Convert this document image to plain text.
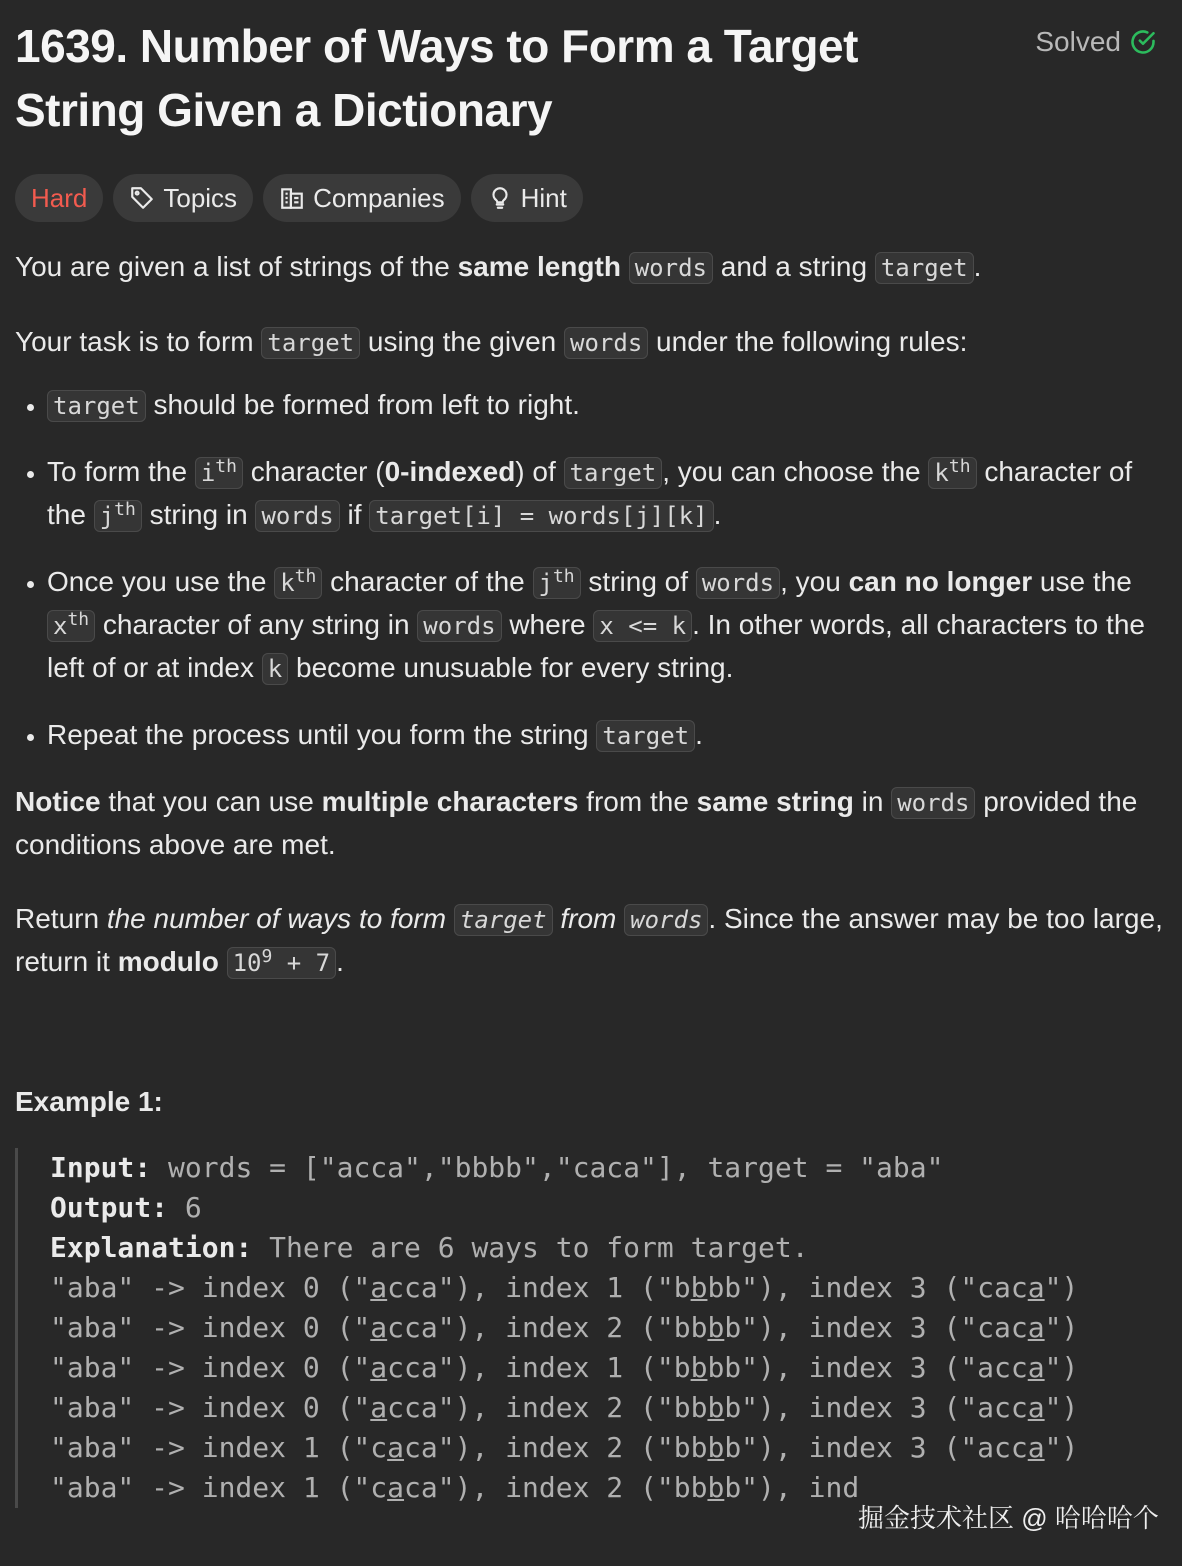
1639. Number of Ways to Form a Target String Given a Dictionary
Solved
Hard	Topics	Companies	Hint

You are given a list of strings of the same length words and a string target .

Your task is to form target using the given words under the following rules:

• target should be formed from left to right.
• To form the $i^{th}$ character (0-indexed) of target , you can choose the $k^{th}$ character of the $j^{th}$ string in words if target[i] = words[j][k] .
• Once you use the $k^{th}$ character of the $j^{th}$ string of words , you can no longer use the $x^{th}$ character of any string in words where x <= k . In other words, all characters to the left of or at index k become unusuable for every string.
• Repeat the process until you form the string target .

Notice that you can use multiple characters from the same string in words provided the conditions above are met.

Return the number of ways to form target from words . Since the answer may be too large, return it modulo $10^9 + 7$ .

Example 1:
Input: words = ["acca","bbbb","caca"], target = "aba"
Output: 6
Explanation: There are 6 ways to form target.
"aba" -> index 0 ("acca"), index 1 ("bbbb"), index 3 ("caca")
"aba" -> index 0 ("acca"), index 2 ("bbbb"), index 3 ("caca")
"aba" -> index 0 ("acca"), index 1 ("bbbb"), index 3 ("acca")
"aba" -> index 0 ("acca"), index 2 ("bbbb"), index 3 ("acca")
"aba" -> index 1 ("caca"), index 2 ("bbbb"), index 3 ("acca")
"aba" -> index 1 ("caca"), index 2 ("bbbb"), ind
掘金技术社区 @ 哈哈哈个
